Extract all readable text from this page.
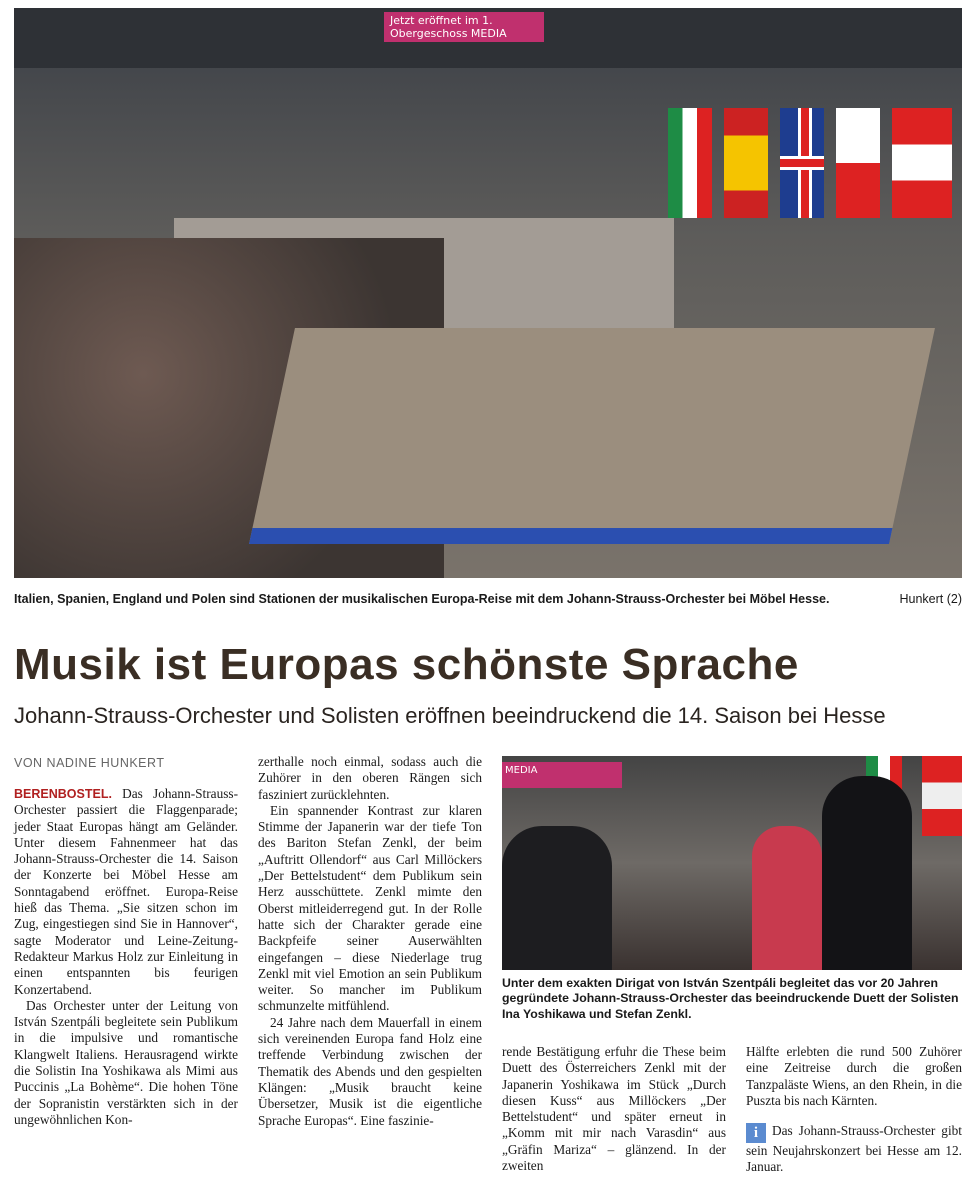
Jetzt eröffnet im 1. Obergeschoss MEDIA
Italien, Spanien, England und Polen sind Stationen der musikalischen Europa-Reise mit dem Johann-Strauss-Orchester bei Möbel Hesse.	Hunkert (2)
Musik ist Europas schönste Sprache
Johann-Strauss-Orchester und Solisten eröffnen beeindruckend die 14. Saison bei Hesse
VON NADINE HUNKERT

BERENBOSTEL. Das Johann-Strauss-Orchester passiert die Flaggenparade; jeder Staat Europas hängt am Geländer. Unter diesem Fahnenmeer hat das Johann-Strauss-Orchester die 14. Saison der Konzerte bei Möbel Hesse am Sonntagabend eröffnet. Europa-Reise hieß das Thema. „Sie sitzen schon im Zug, eingestiegen sind Sie in Hannover“, sagte Moderator und Leine-Zeitung-Redakteur Markus Holz zur Einleitung in einen entspannten bis feurigen Konzertabend.

Das Orchester unter der Leitung von István Szentpáli begleitete sein Publikum in die impulsive und romantische Klangwelt Italiens. Herausragend wirkte die Solistin Ina Yoshikawa als Mimi aus Puccinis „La Bohème“. Die hohen Töne der Sopranistin verstärkten sich in der ungewöhnlichen Kon-

zerthalle noch einmal, sodass auch die Zuhörer in den oberen Rängen sich fasziniert zurücklehnten.

Ein spannender Kontrast zur klaren Stimme der Japanerin war der tiefe Ton des Bariton Stefan Zenkl, der beim „Auftritt Ollendorf“ aus Carl Millöckers „Der Bettelstudent“ dem Publikum sein Herz ausschüttete. Zenkl mimte den Oberst mitleiderregend gut. In der Rolle hatte sich der Charakter gerade eine Backpfeife seiner Auserwählten eingefangen – diese Niederlage trug Zenkl mit viel Emotion an sein Publikum weiter. So mancher im Publikum schmunzelte mitfühlend.

24 Jahre nach dem Mauerfall in einem sich vereinenden Europa fand Holz eine treffende Verbindung zwischen der Thematik des Abends und den gespielten Klängen: „Musik braucht keine Übersetzer, Musik ist die eigentliche Sprache Europas“. Eine faszinie-

MEDIA
Unter dem exakten Dirigat von István Szentpáli begleitet das vor 20 Jahren gegründete Johann-Strauss-Orchester das beeindruckende Duett der Solisten Ina Yoshikawa und Stefan Zenkl.

rende Bestätigung erfuhr die These beim Duett des Österreichers Zenkl mit der Japanerin Yoshikawa im Stück „Durch diesen Kuss“ aus Millöckers „Der Bettelstudent“ und später erneut in „Komm mit mir nach Varasdin“ aus „Gräfin Mariza“ – glänzend. In der zweiten

Hälfte erlebten die rund 500 Zuhörer eine Zeitreise durch die großen Tanzpaläste Wiens, an den Rhein, in die Puszta bis nach Kärnten.

i Das Johann-Strauss-Orchester gibt sein Neujahrskonzert bei Hesse am 12. Januar.
